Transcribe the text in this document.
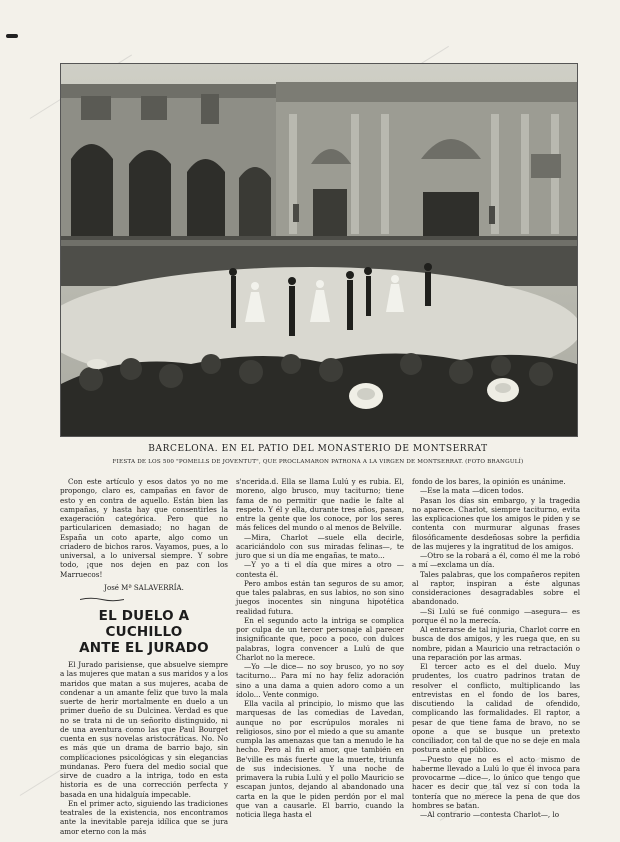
BARCELONA. EN EL PATIO DEL MONASTERIO DE MONTSERRAT
FIESTA DE LOS 500 "POMELLS DE JOVENTUT", QUE PROCLAMARON PATRONA A LA VIRGEN DE MONTSERRAT. (FOTO BRANGULÍ)

Con este artículo y esos datos yo no me propongo, claro es, campañas en favor de esto y en contra de aquello. Están bien las campañas, y hasta hay que consentirles la exageración categórica. Pero que no particularicen demasiado; no hagan de España un coto aparte, algo como un criadero de bichos raros. Vayamos, pues, a lo universal, a lo universal siempre. Y sobre todo, ¡que nos dejen en paz con los Marruecos!

José Mª SALAVERRÍA.
EL DUELO A CUCHILLO
ANTE EL JURADO

El Jurado parisiense, que absuelve siempre a las mujeres que matan a sus maridos y a los maridos que matan a sus mujeres, acaba de condenar a un amante feliz que tuvo la mala suerte de herir mortalmente en duelo a un primer dueño de su Dulcinea. Verdad es que no se trata ni de un señorito distinguido, ni de una aventura como las que Paul Bourget cuenta en sus novelas aristocráticas. No. No es más que un drama de barrio bajo, sin complicaciones psicológicas y sin elegancias mundanas. Pero fuera del medio social que sirve de cuadro a la intriga, todo en esta historia es de una corrección perfecta y basada en una hidalguía impecable.

En el primer acto, siguiendo las tradiciones teatrales de la existencia, nos encontramos ante la inevitable pareja idílica que se jura amor eterno con la más

s'ncerida.d. Ella se llama Lulú y es rubia. El, moreno, algo brusco, muy taciturno; tiene fama de no permitir que nadie le falte al respeto. Y él y ella, durante tres años, pasan, entre la gente que los conoce, por los seres más felices del mundo o al menos de Belville.

—Mira, Charlot —suele ella decirle, acariciándolo con sus miradas felinas—, te juro que si un día me engañas, te mato...

—Y yo a ti el día que mires a otro —contesta él.

Pero ambos están tan seguros de su amor, que tales palabras, en sus labios, no son sino juegos inocentes sin ninguna hipotética realidad futura.

En el segundo acto la intriga se complica por culpa de un tercer personaje al parecer insignificante que, poco a poco, con dulces palabras, logra convencer a Lulú de que Charlot no la merece.

—Yo —le dice— no soy brusco, yo no soy taciturno... Para mí no hay feliz adoración sino a una dama a quien adoro como a un ídolo... Vente conmigo.

Ella vacila al principio, lo mismo que las marquesas de las comedias de Lavedan, aunque no por escrúpulos morales ni religiosos, sino por el miedo a que su amante cumpla las amenazas que tan a menudo le ha hecho. Pero al fin el amor, que también en Be'ville es más fuerte que la muerte, triunfa de sus indecisiones. Y una noche de primavera la rubia Lulú y el pollo Mauricio se escapan juntos, dejando al abandonado una carta en la que le piden perdón por el mal que van a causarle. El barrio, cuando la noticia llega hasta el

fondo de los bares, la opinión es unánime.

—Ese la mata —dicen todos.

Pasan los días sin embargo, y la tragedia no aparece. Charlot, siempre taciturno, evita las explicaciones que los amigos le piden y se contenta con murmurar algunas frases filosóficamente desdeñosas sobre la perfidia de las mujeres y la ingratitud de los amigos.

—Otro se la robará a él, como él me la robó a mí —exclama un día.

Tales palabras, que los compañeros repiten al raptor, inspiran a éste algunas consideraciones desagradables sobre el abandonado.

—Si Lulú se fué conmigo —asegura— es porque él no la merecía.

Al enterarse de tal injuria, Charlot corre en busca de dos amigos, y les ruega que, en su nombre, pidan a Mauricio una retractación o una reparación por las armas.

El tercer acto es el del duelo. Muy prudentes, los cuatro padrinos tratan de resolver el conflicto, multiplicando las entrevistas en el fondo de los bares, discutiendo la calidad de ofendido, complicando las formalidades. El raptor, a pesar de que tiene fama de bravo, no se opone a que se busque un pretexto conciliador, con tal de que no se deje en mala postura ante el público.

—Puesto que no es el acto mismo de haberme llevado a Lulú lo que él invoca para provocarme —dice—, lo único que tengo que hacer es decir que tal vez sí con toda la tontería que no merece la pena de que dos hombres se batan.

—Al contrario —contesta Charlot—, lo
